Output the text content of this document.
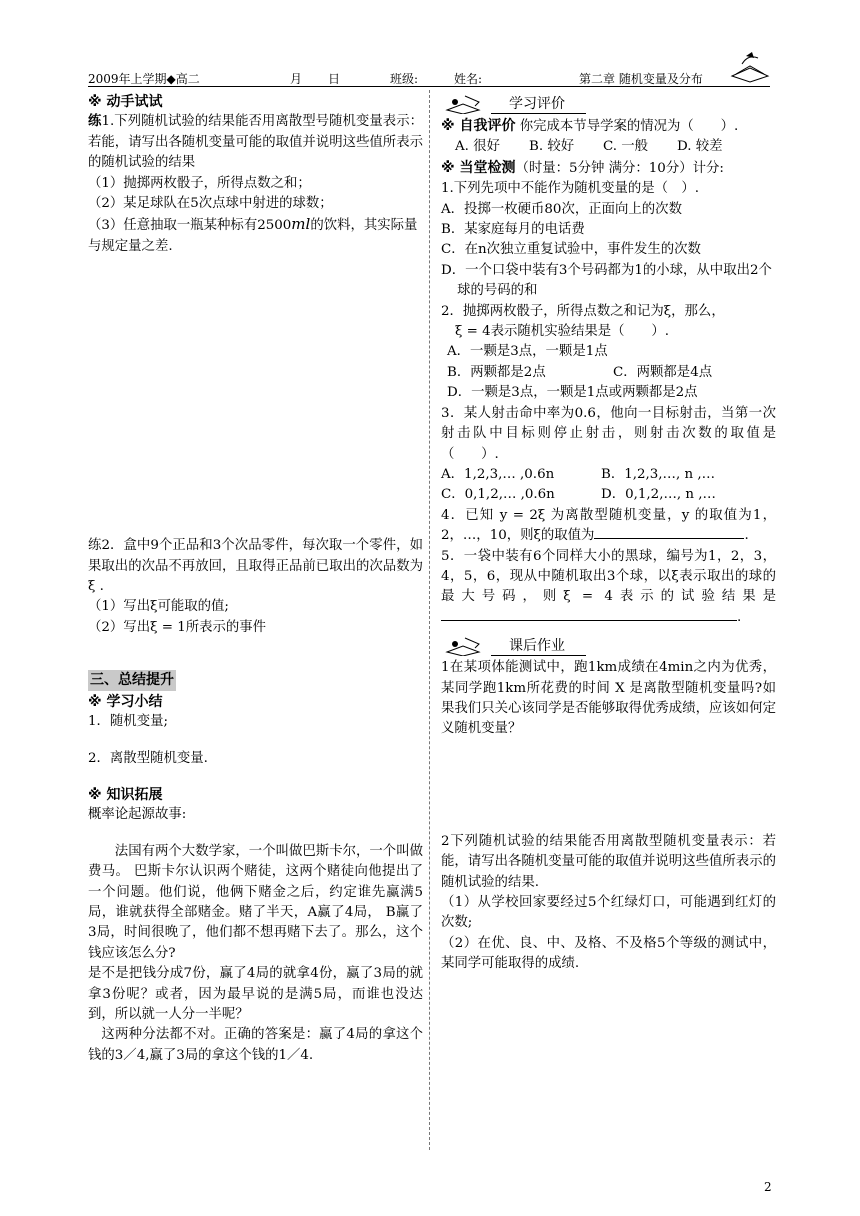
2009年上学期◆高二	月 日	班级:	姓名:	第二章 随机变量及分布

※ 动手试试

练1.下列随机试验的结果能否用离散型号随机变量表示：若能，请写出各随机变量可能的取值并说明这些值所表示的随机试验的结果

（1）抛掷两枚骰子，所得点数之和；

（2）某足球队在5次点球中射进的球数；

（3）任意抽取一瓶某种标有2500ml的饮料，其实际量与规定量之差.

练2．盒中9个正品和3个次品零件，每次取一个零件，如果取出的次品不再放回，且取得正品前已取出的次品数为ξ .

（1）写出ξ可能取的值;

（2）写出ξ = 1所表示的事件

三、总结提升

※ 学习小结

1．随机变量;

2．离散型随机变量.

※ 知识拓展

概率论起源故事:

法国有两个大数学家，一个叫做巴斯卡尔，一个叫做费马。 巴斯卡尔认识两个赌徒，这两个赌徒向他提出了一个问题。他们说，他俩下赌金之后，约定谁先赢满5局，谁就获得全部赌金。赌了半天，A赢了4局， B赢了3局，时间很晚了，他们都不想再赌下去了。那么，这个钱应该怎么分?

是不是把钱分成7份，赢了4局的就拿4份，赢了3局的就拿3份呢？或者，因为最早说的是满5局，而谁也没达到，所以就一人分一半呢？

这两种分法都不对。正确的答案是：赢了4局的拿这个钱的3／4,赢了3局的拿这个钱的1／4.

学习评价

※ 自我评价 你完成本节导学案的情况为（　　）.

A. 很好 B. 较好 C. 一般 D. 较差

※ 当堂检测（时量：5分钟 满分：10分）计分:

1.下列先项中不能作为随机变量的是（　）.

A．投掷一枚硬币80次，正面向上的次数

B．某家庭每月的电话费

C．在n次独立重复试验中，事件发生的次数

D．一个口袋中装有3个号码都为1的小球，从中取出2个球的号码的和

2．抛掷两枚骰子，所得点数之和记为ξ，那么，

ξ = 4表示随机实验结果是（　　）.

A．一颗是3点，一颗是1点

B．两颗都是2点	C．两颗都是4点

D．一颗是3点，一颗是1点或两颗都是2点

3．某人射击命中率为0.6，他向一目标射击，当第一次射击队中目标则停止射击，则射击次数的取值是（　　）.

A．1,2,3,… ,0.6n	B．1,2,3,…, n ,…

C．0,1,2,… ,0.6n	D．0,1,2,…, n ,…

4．已知 y = 2ξ 为离散型随机变量，y 的取值为1，2，…，10，则ξ的取值为	.

5．一袋中装有6个同样大小的黑球，编号为1，2，3，4，5，6，现从中随机取出3个球，以ξ表示取出的球的最大号码，则ξ = 4表示的试验结果是.

课后作业

1在某项体能测试中，跑1km成绩在4min之内为优秀，某同学跑1km所花费的时间 X 是离散型随机变量吗?如果我们只关心该同学是否能够取得优秀成绩，应该如何定义随机变量？

2下列随机试验的结果能否用离散型随机变量表示：若能，请写出各随机变量可能的取值并说明这些值所表示的随机试验的结果.

（1）从学校回家要经过5个红绿灯口，可能遇到红灯的次数;

（2）在优、良、中、及格、不及格5个等级的测试中，某同学可能取得的成绩.

2
